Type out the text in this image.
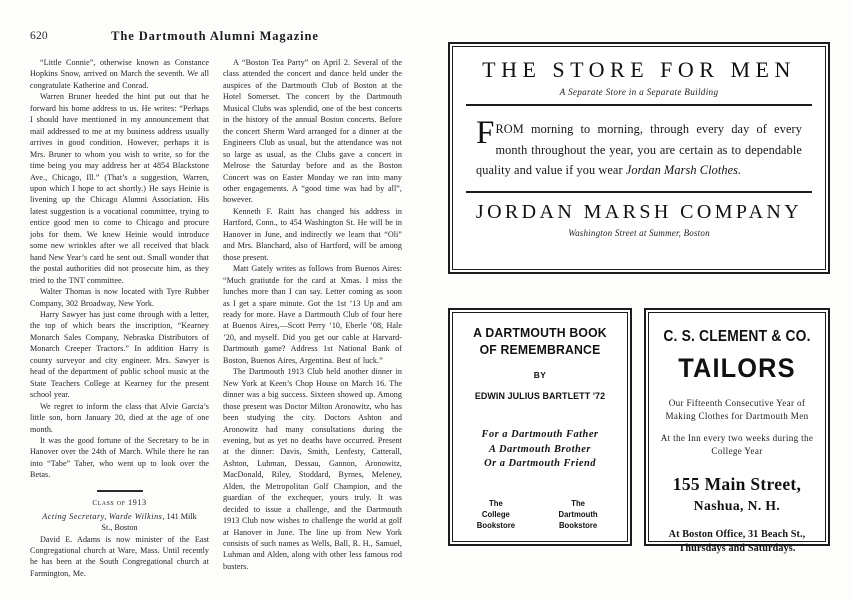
620	The Dartmouth Alumni Magazine

“Little Connie”, otherwise known as Constance Hopkins Snow, arrived on March the seventh. We all congratulate Katherine and Conrad.

Warren Bruner heeded the hint put out that he forward his home address to us. He writes: “Perhaps I should have mentioned in my announcement that mail addressed to me at my business address usually arrives in good condition. However, perhaps it is Mrs. Bruner to whom you wish to write, so for the time being you may address her at 4854 Blackstone Ave., Chicago, Ill.” (That’s a suggestion, Warren, upon which I hope to act shortly.) He says Heinie is livening up the Chicago Alumni Association. His latest suggestion is a vocational committee, trying to entice good men to come to Chicago and procure jobs for them. We knew Heinie would introduce some new wrinkles after we all received that black hand New Year’s card he sent out. Small wonder that the postal authorities did not prosecute him, as they tried to the TNT committee.

Walter Thomas is now located with Tyre Rubber Company, 302 Broadway, New York.

Harry Sawyer has just come through with a letter, the top of which bears the inscription, “Kearney Monarch Sales Company, Nebraska Distributors of Monarch Creeper Tractors.” In addition Harry is county surveyor and city engineer. Mrs. Sawyer is head of the department of public school music at the State Teachers College at Kearney for the present school year.

We regret to inform the class that Alvie Garcia’s little son, born January 20, died at the age of one month.

It was the good fortune of the Secretary to be in Hanover over the 24th of March. While there he ran into “Tabe” Taber, who went up to look over the Betas.

class of 1913
Acting Secretary, Warde Wilkins, 141 Milk
St., Boston

David E. Adams is now minister of the East Congregational church at Ware, Mass. Until recently he has been at the South Congregational church at Farmington, Me.

A “Boston Tea Party” on April 2. Several of the class attended the concert and dance held under the auspices of the Dartmouth Club of Boston at the Hotel Somerset. The concert by the Dartmouth Musical Clubs was splendid, one of the best concerts in the history of the annual Boston concerts. Before the concert Sherm Ward arranged for a dinner at the Engineers Club as usual, but the attendance was not so large as usual, as the Clubs gave a concert in Melrose the Saturday before and as the Boston Concert was on Easter Monday we ran into many other engagements. A “good time was had by all”, however.

Kenneth F. Raitt has changed his address in Hartford, Conn., to 454 Washington St. He will be in Hanover in June, and indirectly we learn that “Oli” and Mrs. Blanchard, also of Hartford, will be among those present.

Matt Gately writes as follows from Buenos Aires: “Much gratiutde for the card at Xmas. I miss the lunches more than I can say. Letter coming as soon as I get a spare minute. Got the 1st ’13 Up and am ready for more. Have a Dartmouth Club of four here at Buenos Aires,—Scott Perry ’10, Eberle ’08, Hale ’20, and myself. Did you get our cable at Harvard-Dartmouth game? Address 1st National Bank of Boston, Buenos Aires, Argentina. Best of luck.”

The Dartmouth 1913 Club held another dinner in New York at Keen’s Chop House on March 16. The dinner was a big success. Sixteen showed up. Among those present was Doctor Milton Aronowitz, who has been studying the city. Doctors Ashton and Aronowitz had many consultations during the evening, but as yet no deaths have occurred. Present at the dinner: Davis, Smith, Lenfesty, Catterall, Ashton, Luhman, Dessau, Gannon, Aronowitz, MacDonald, Riley, Stoddard, Byrnes, Meleney, Alden, the Metropolitan Golf Champion, and the guardian of the exchequer, yours truly. It was decided to issue a challenge, and the Dartmouth 1913 Club now wishes to challenge the world at golf at Hanover in June. The line up from New York consists of such names as Wells, Ball, R. H., Samuel, Luhman and Alden, along with other less famous rod busters.

THE STORE FOR MEN
A Separate Store in a Separate Building
FROM morning to morning, through every day of every month throughout the year, you are certain as to dependable quality and value if you wear Jordan Marsh Clothes.
JORDAN MARSH COMPANY
Washington Street at Summer, Boston
A DARTMOUTH BOOK
OF REMEMBRANCE
BY
EDWIN JULIUS BARTLETT '72
For a Dartmouth Father
A Dartmouth Brother
Or a Dartmouth Friend
The
College Bookstore
The
Dartmouth Bookstore
C. S. CLEMENT & CO.
TAILORS
Our Fifteenth Consecutive Year of
Making Clothes for Dartmouth Men
At the Inn every two weeks during the
College Year
155 Main Street,
Nashua, N. H.
At Boston Office, 31 Beach St.,
Thursdays and Saturdays.
